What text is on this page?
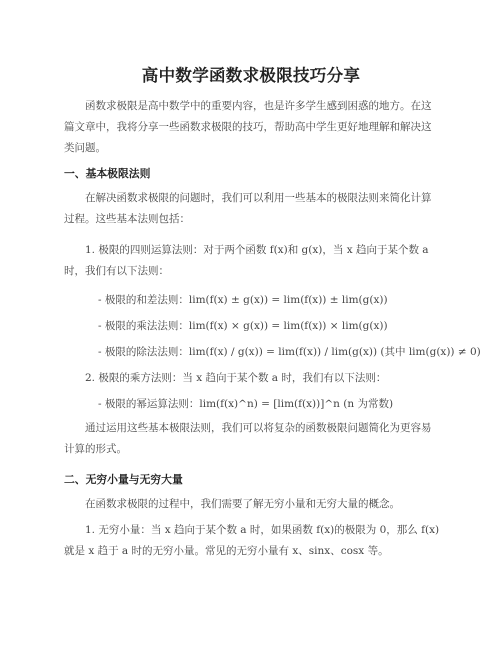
高中数学函数求极限技巧分享
函数求极限是高中数学中的重要内容，也是许多学生感到困惑的地方。在这篇文章中，我将分享一些函数求极限的技巧，帮助高中学生更好地理解和解决这类问题。
一、基本极限法则
在解决函数求极限的问题时，我们可以利用一些基本的极限法则来简化计算过程。这些基本法则包括：
1. 极限的四则运算法则：对于两个函数 f(x)和 g(x)，当 x 趋向于某个数 a 时，我们有以下法则：
- 极限的和差法则：lim(f(x) ± g(x)) = lim(f(x)) ± lim(g(x))
- 极限的乘法法则：lim(f(x) × g(x)) = lim(f(x)) × lim(g(x))
- 极限的除法法则：lim(f(x) / g(x)) = lim(f(x)) / lim(g(x)) (其中 lim(g(x)) ≠ 0)
2. 极限的乘方法则：当 x 趋向于某个数 a 时，我们有以下法则：
- 极限的幂运算法则：lim(f(x)^n) = [lim(f(x))]^n (n 为常数)
通过运用这些基本极限法则，我们可以将复杂的函数极限问题简化为更容易计算的形式。
二、无穷小量与无穷大量
在函数求极限的过程中，我们需要了解无穷小量和无穷大量的概念。
1. 无穷小量：当 x 趋向于某个数 a 时，如果函数 f(x)的极限为 0，那么 f(x)就是 x 趋于 a 时的无穷小量。常见的无穷小量有 x、sinx、cosx 等。
